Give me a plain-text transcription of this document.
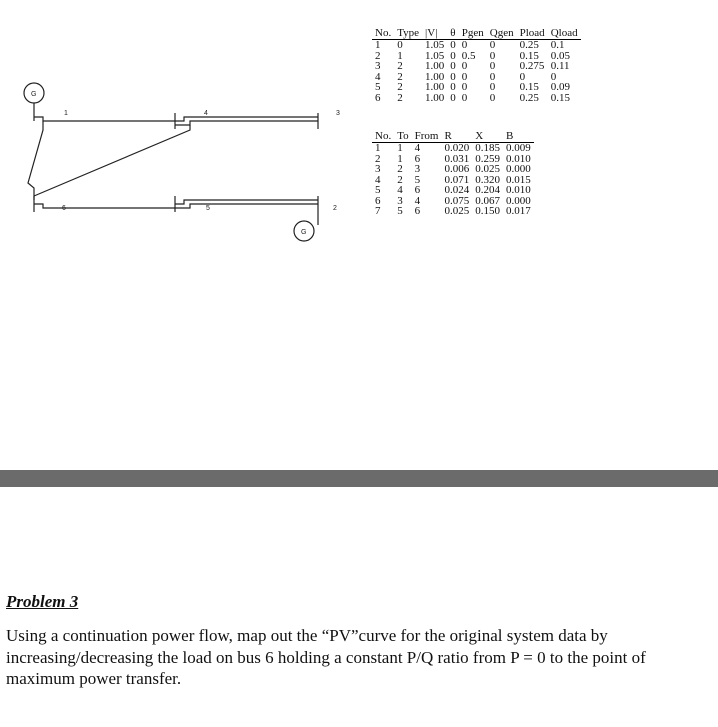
G
G
1	4	3
6	5	2
No.	Type	|V|	θ	Pgen	Qgen	Pload	Qload
1	0	1.05	0	0	0	0.25	0.1
2	1	1.05	0	0.5	0	0.15	0.05
3	2	1.00	0	0	0	0.275	0.11
4	2	1.00	0	0	0	0	0
5	2	1.00	0	0	0	0.15	0.09
6	2	1.00	0	0	0	0.25	0.15
No.	To	From	R	X	B
1	1	4	0.020	0.185	0.009
2	1	6	0.031	0.259	0.010
3	2	3	0.006	0.025	0.000
4	2	5	0.071	0.320	0.015
5	4	6	0.024	0.204	0.010
6	3	4	0.075	0.067	0.000
7	5	6	0.025	0.150	0.017
Problem 3
Using a continuation power flow, map out the “PV”curve for the original system data by increasing/decreasing the load on bus 6 holding a constant P/Q ratio from P = 0 to the point of maximum power transfer.
